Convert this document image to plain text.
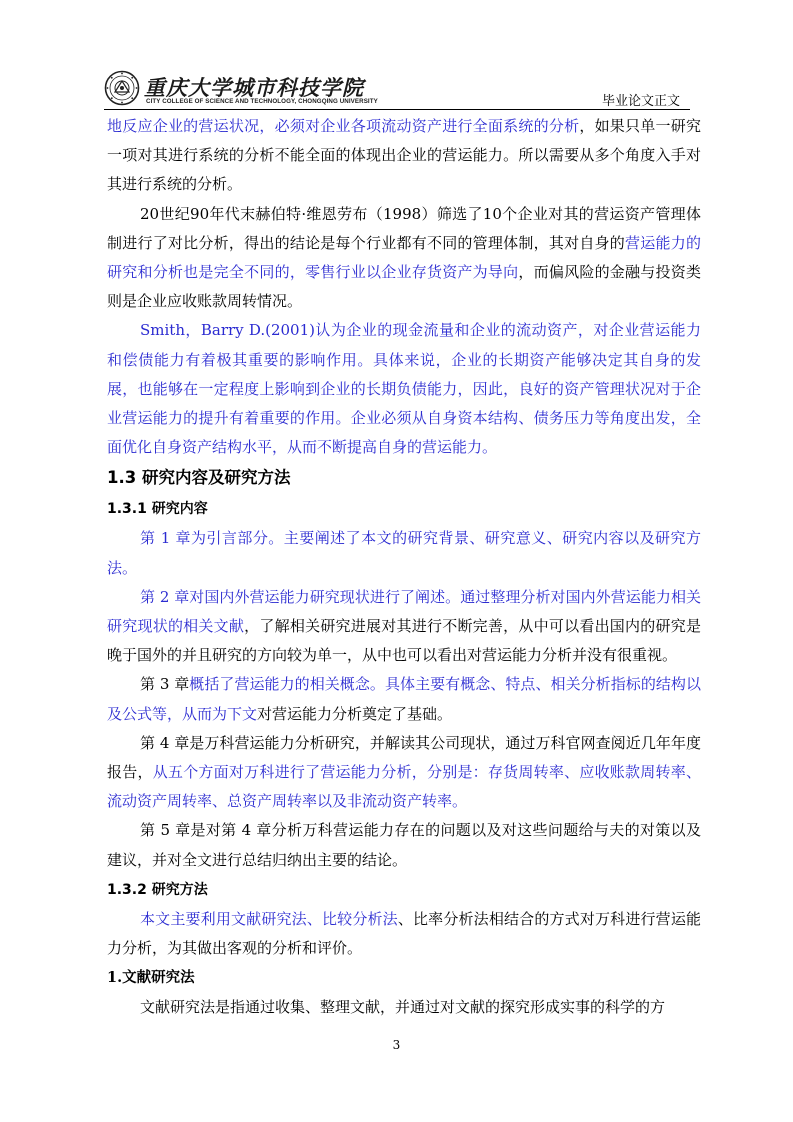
重庆大学城市科技学院
CITY COLLEGE OF SCIENCE AND TECHNOLOGY, CHONGQING UNIVERSITY	毕业论文正文

地反应企业的营运状况，必须对企业各项流动资产进行全面系统的分析，如果只单一研究一项对其进行系统的分析不能全面的体现出企业的营运能力。所以需要从多个角度入手对其进行系统的分析。

20世纪90年代末赫伯特·维恩劳布（1998）筛选了10个企业对其的营运资产管理体制进行了对比分析，得出的结论是每个行业都有不同的管理体制，其对自身的营运能力的研究和分析也是完全不同的，零售行业以企业存货资产为导向，而偏风险的金融与投资类则是企业应收账款周转情况。

Smith，Barry D.(2001)认为企业的现金流量和企业的流动资产，对企业营运能力和偿债能力有着极其重要的影响作用。具体来说，企业的长期资产能够决定其自身的发展，也能够在一定程度上影响到企业的长期负债能力，因此，良好的资产管理状况对于企业营运能力的提升有着重要的作用。企业必须从自身资本结构、债务压力等角度出发，全面优化自身资产结构水平，从而不断提高自身的营运能力。

1.3 研究内容及研究方法
1.3.1 研究内容

第 1 章为引言部分。主要阐述了本文的研究背景、研究意义、研究内容以及研究方法。

第 2 章对国内外营运能力研究现状进行了阐述。通过整理分析对国内外营运能力相关研究现状的相关文献，了解相关研究进展对其进行不断完善，从中可以看出国内的研究是晚于国外的并且研究的方向较为单一，从中也可以看出对营运能力分析并没有很重视。

第 3 章概括了营运能力的相关概念。具体主要有概念、特点、相关分析指标的结构以及公式等，从而为下文对营运能力分析奠定了基础。

第 4 章是万科营运能力分析研究，并解读其公司现状，通过万科官网查阅近几年年度报告，从五个方面对万科进行了营运能力分析，分别是：存货周转率、应收账款周转率、流动资产周转率、总资产周转率以及非流动资产转率。

第 5 章是对第 4 章分析万科营运能力存在的问题以及对这些问题给与夫的对策以及建议，并对全文进行总结归纳出主要的结论。

1.3.2 研究方法

本文主要利用文献研究法、比较分析法、比率分析法相结合的方式对万科进行营运能力分析，为其做出客观的分析和评价。

1.文献研究法

文献研究法是指通过收集、整理文献，并通过对文献的探究形成实事的科学的方

3
